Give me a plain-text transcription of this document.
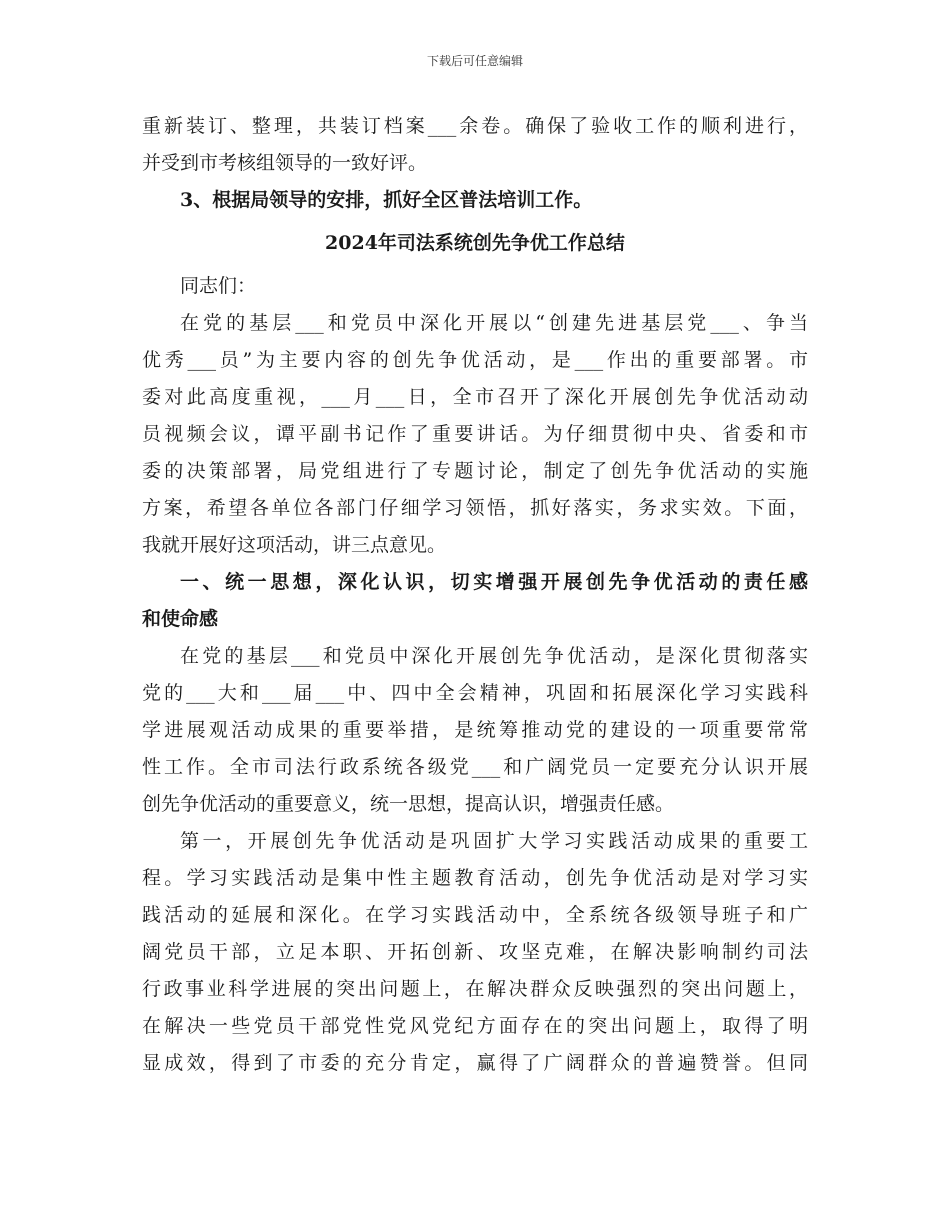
下载后可任意编辑
重新装订、整理，共装订档案___余卷。确保了验收工作的顺利进行，
并受到市考核组领导的一致好评。
3、根据局领导的安排，抓好全区普法培训工作。
2024年司法系统创先争优工作总结
同志们：
在党的基层___和党员中深化开展以“创建先进基层党___、争当
优秀___员”为主要内容的创先争优活动，是___作出的重要部署。市
委对此高度重视，___月___日，全市召开了深化开展创先争优活动动
员视频会议，谭平副书记作了重要讲话。为仔细贯彻中央、省委和市
委的决策部署，局党组进行了专题讨论，制定了创先争优活动的实施
方案，希望各单位各部门仔细学习领悟，抓好落实，务求实效。下面，
我就开展好这项活动，讲三点意见。
一、统一思想，深化认识，切实增强开展创先争优活动的责任感
和使命感
在党的基层___和党员中深化开展创先争优活动，是深化贯彻落实
党的___大和___届___中、四中全会精神，巩固和拓展深化学习实践科
学进展观活动成果的重要举措，是统筹推动党的建设的一项重要常常
性工作。全市司法行政系统各级党___和广阔党员一定要充分认识开展
创先争优活动的重要意义，统一思想，提高认识，增强责任感。
第一，开展创先争优活动是巩固扩大学习实践活动成果的重要工
程。学习实践活动是集中性主题教育活动，创先争优活动是对学习实
践活动的延展和深化。在学习实践活动中，全系统各级领导班子和广
阔党员干部，立足本职、开拓创新、攻坚克难，在解决影响制约司法
行政事业科学进展的突出问题上，在解决群众反映强烈的突出问题上，
在解决一些党员干部党性党风党纪方面存在的突出问题上，取得了明
显成效，得到了市委的充分肯定，赢得了广阔群众的普遍赞誉。但同
